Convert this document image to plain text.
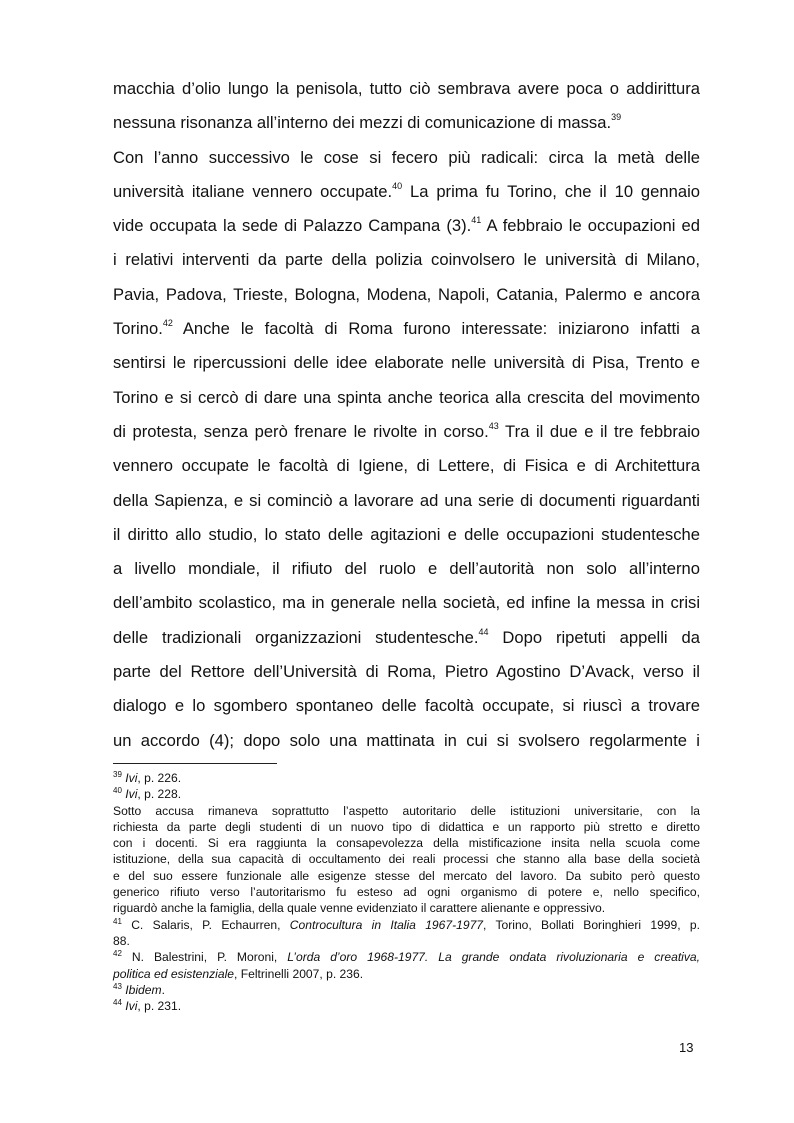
macchia d’olio lungo la penisola, tutto ciò sembrava avere poca o addirittura
nessuna risonanza all’interno dei mezzi di comunicazione di massa.$^{39}$
Con l’anno successivo le cose si fecero più radicali: circa la metà delle
università italiane vennero occupate.$^{40}$ La prima fu Torino, che il 10 gennaio
vide occupata la sede di Palazzo Campana (3).$^{41}$ A febbraio le occupazioni ed
i relativi interventi da parte della polizia coinvolsero le università di Milano,
Pavia, Padova, Trieste, Bologna, Modena, Napoli, Catania, Palermo e ancora
Torino.$^{42}$ Anche le facoltà di Roma furono interessate: iniziarono infatti a
sentirsi le ripercussioni delle idee elaborate nelle università di Pisa, Trento e
Torino e si cercò di dare una spinta anche teorica alla crescita del movimento
di protesta, senza però frenare le rivolte in corso.$^{43}$ Tra il due e il tre febbraio
vennero occupate le facoltà di Igiene, di Lettere, di Fisica e di Architettura
della Sapienza, e si cominciò a lavorare ad una serie di documenti riguardanti
il diritto allo studio, lo stato delle agitazioni e delle occupazioni studentesche
a livello mondiale, il rifiuto del ruolo e dell’autorità non solo all’interno
dell’ambito scolastico, ma in generale nella società, ed infine la messa in crisi
delle tradizionali organizzazioni studentesche.$^{44}$ Dopo ripetuti appelli da
parte del Rettore dell’Università di Roma, Pietro Agostino D’Avack, verso il
dialogo e lo sgombero spontaneo delle facoltà occupate, si riuscì a trovare
un accordo (4); dopo solo una mattinata in cui si svolsero regolarmente i
$^{39}$ Ivi, p. 226.
$^{40}$ Ivi, p. 228.
Sotto accusa rimaneva soprattutto l’aspetto autoritario delle istituzioni universitarie, con la
richiesta da parte degli studenti di un nuovo tipo di didattica e un rapporto più stretto e diretto
con i docenti. Si era raggiunta la consapevolezza della mistificazione insita nella scuola come
istituzione, della sua capacità di occultamento dei reali processi che stanno alla base della società
e del suo essere funzionale alle esigenze stesse del mercato del lavoro. Da subito però questo
generico rifiuto verso l’autoritarismo fu esteso ad ogni organismo di potere e, nello specifico,
riguardò anche la famiglia, della quale venne evidenziato il carattere alienante e oppressivo.
$^{41}$ C. Salaris, P. Echaurren, Controcultura in Italia 1967-1977, Torino, Bollati Boringhieri 1999, p.
88.
$^{42}$ N. Balestrini, P. Moroni, L’orda d’oro 1968-1977. La grande ondata rivoluzionaria e creativa,
politica ed esistenziale, Feltrinelli 2007, p. 236.
$^{43}$ Ibidem.
$^{44}$ Ivi, p. 231.
13
